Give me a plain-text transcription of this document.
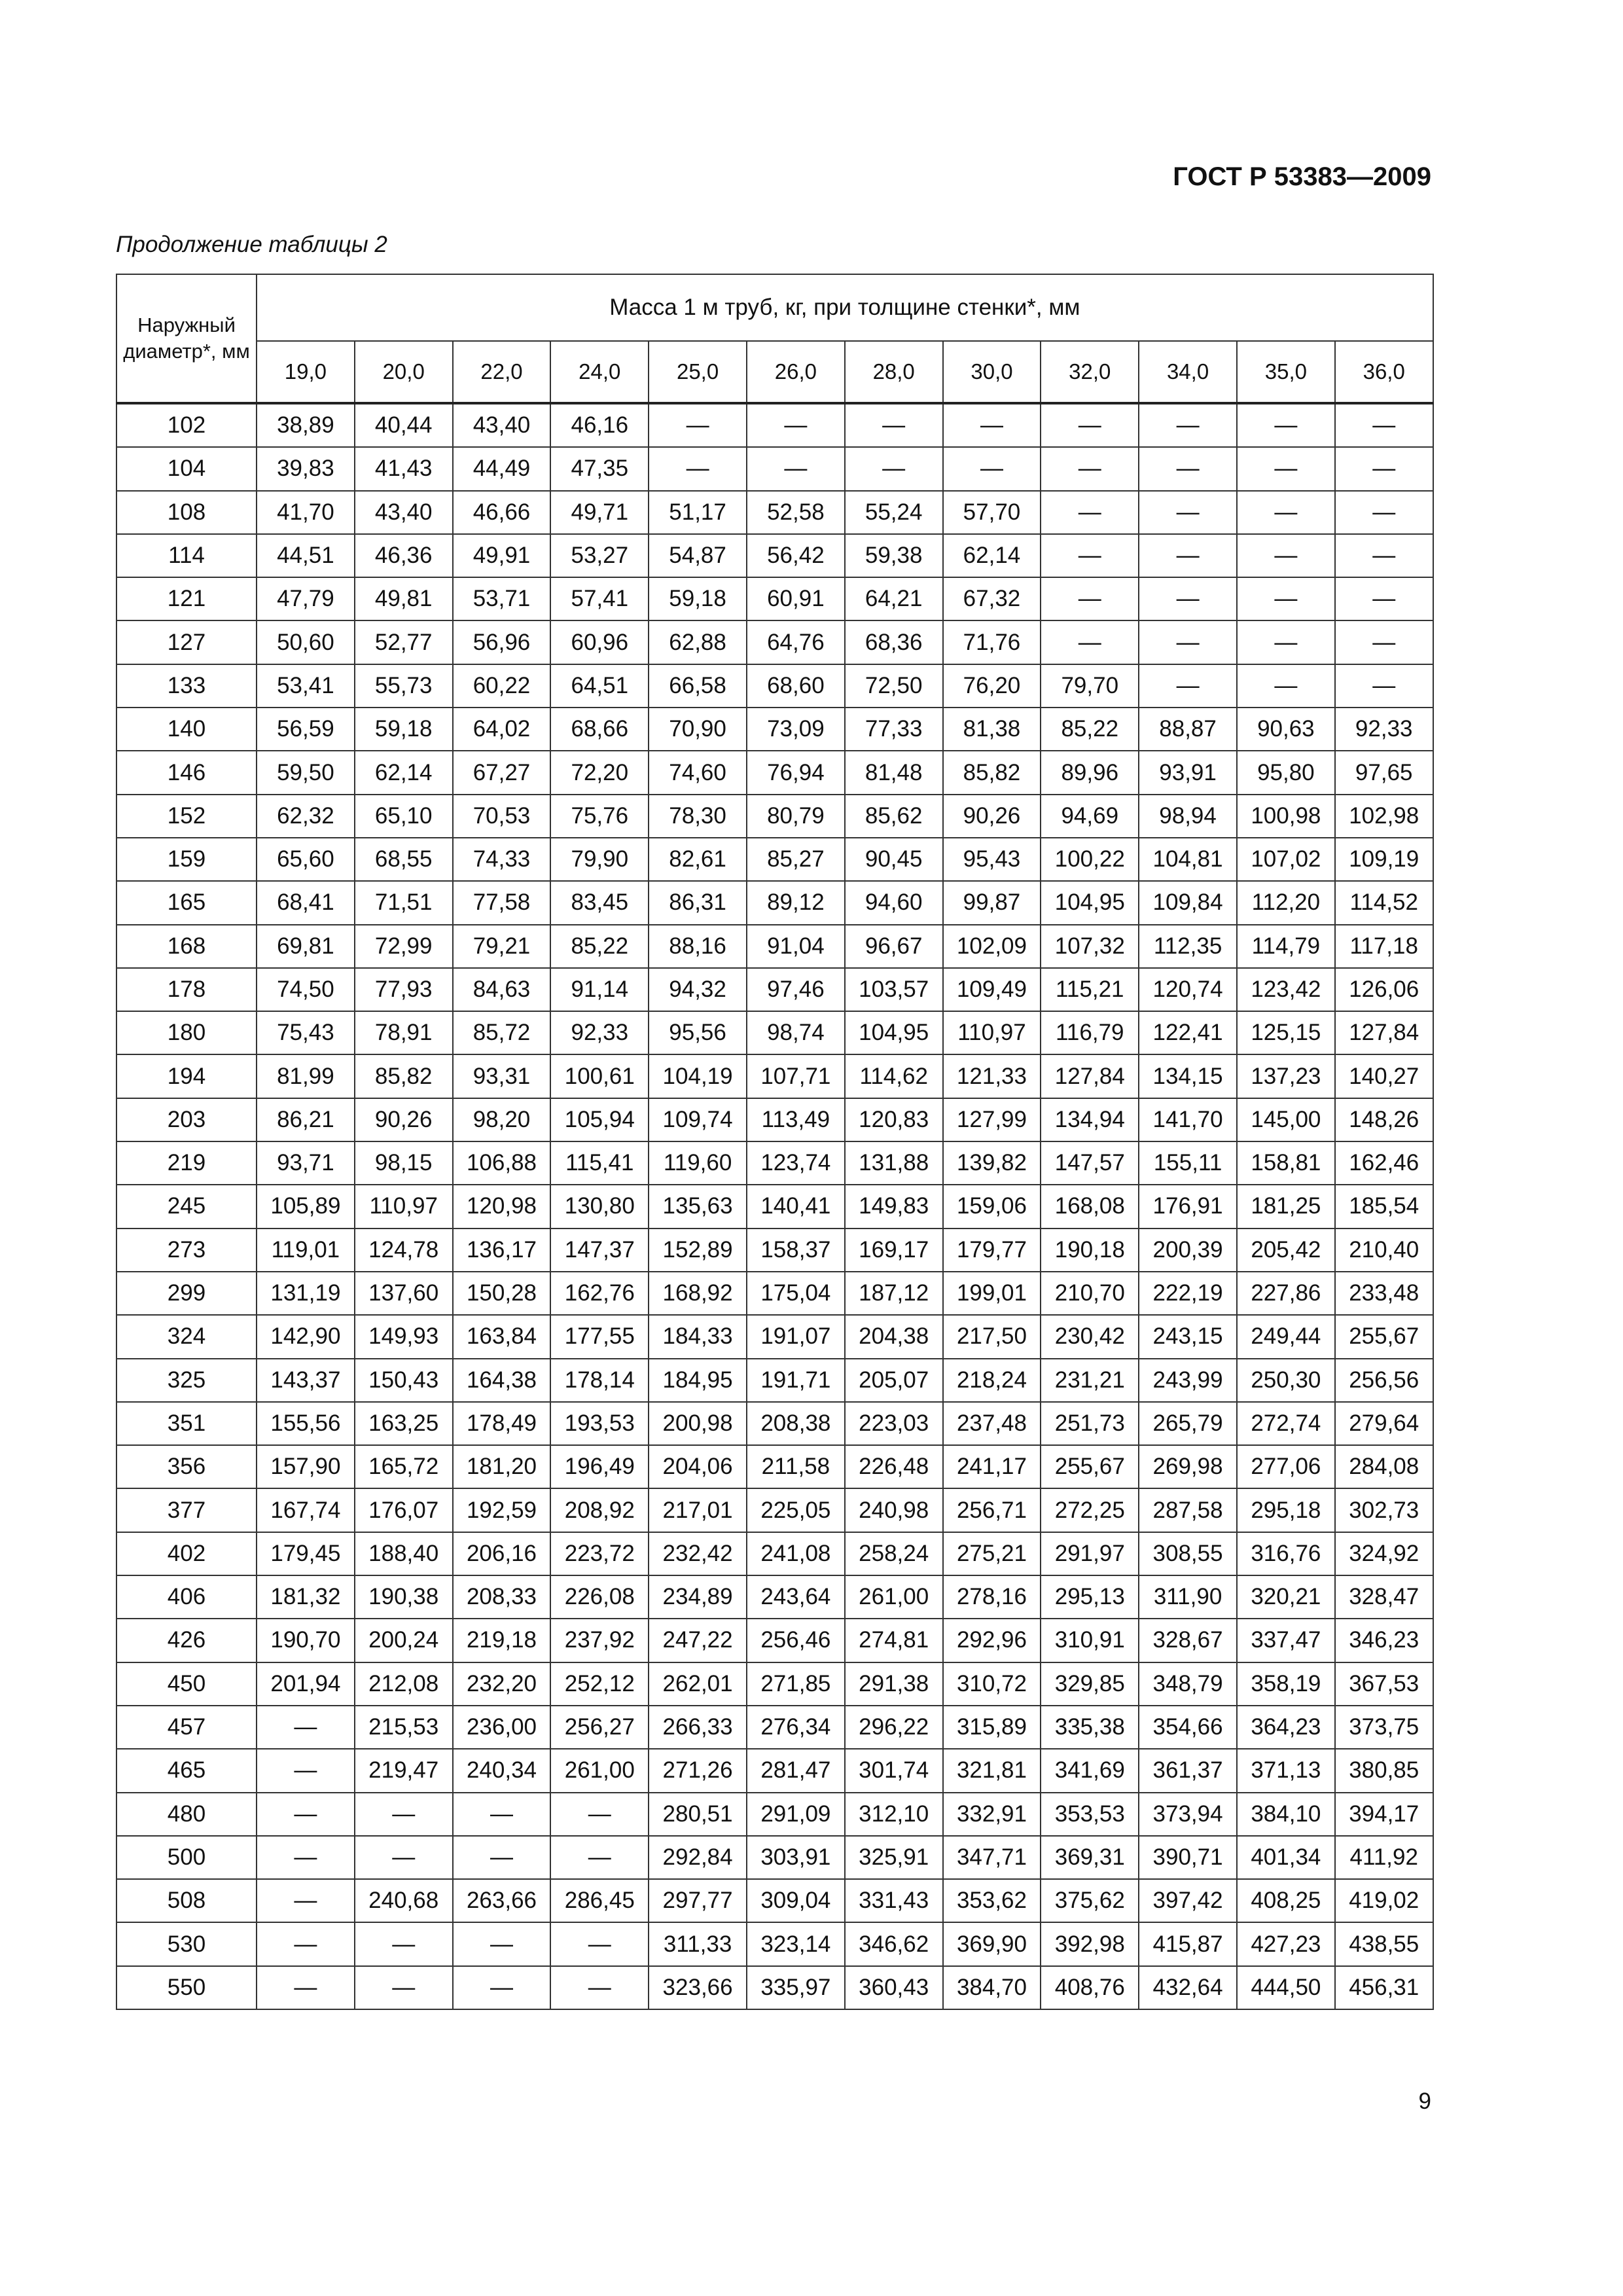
ГОСТ Р 53383—2009
Продолжение таблицы 2
Наружный диаметр*, мм	Масса 1 м труб, кг, при толщине стенки*, мм											
	19,0	20,0	22,0	24,0	25,0	26,0	28,0	30,0	32,0	34,0	35,0	36,0
102	38,89	40,44	43,40	46,16	—	—	—	—	—	—	—	—
104	39,83	41,43	44,49	47,35	—	—	—	—	—	—	—	—
108	41,70	43,40	46,66	49,71	51,17	52,58	55,24	57,70	—	—	—	—
114	44,51	46,36	49,91	53,27	54,87	56,42	59,38	62,14	—	—	—	—
121	47,79	49,81	53,71	57,41	59,18	60,91	64,21	67,32	—	—	—	—
127	50,60	52,77	56,96	60,96	62,88	64,76	68,36	71,76	—	—	—	—
133	53,41	55,73	60,22	64,51	66,58	68,60	72,50	76,20	79,70	—	—	—
140	56,59	59,18	64,02	68,66	70,90	73,09	77,33	81,38	85,22	88,87	90,63	92,33
146	59,50	62,14	67,27	72,20	74,60	76,94	81,48	85,82	89,96	93,91	95,80	97,65
152	62,32	65,10	70,53	75,76	78,30	80,79	85,62	90,26	94,69	98,94	100,98	102,98
159	65,60	68,55	74,33	79,90	82,61	85,27	90,45	95,43	100,22	104,81	107,02	109,19
165	68,41	71,51	77,58	83,45	86,31	89,12	94,60	99,87	104,95	109,84	112,20	114,52
168	69,81	72,99	79,21	85,22	88,16	91,04	96,67	102,09	107,32	112,35	114,79	117,18
178	74,50	77,93	84,63	91,14	94,32	97,46	103,57	109,49	115,21	120,74	123,42	126,06
180	75,43	78,91	85,72	92,33	95,56	98,74	104,95	110,97	116,79	122,41	125,15	127,84
194	81,99	85,82	93,31	100,61	104,19	107,71	114,62	121,33	127,84	134,15	137,23	140,27
203	86,21	90,26	98,20	105,94	109,74	113,49	120,83	127,99	134,94	141,70	145,00	148,26
219	93,71	98,15	106,88	115,41	119,60	123,74	131,88	139,82	147,57	155,11	158,81	162,46
245	105,89	110,97	120,98	130,80	135,63	140,41	149,83	159,06	168,08	176,91	181,25	185,54
273	119,01	124,78	136,17	147,37	152,89	158,37	169,17	179,77	190,18	200,39	205,42	210,40
299	131,19	137,60	150,28	162,76	168,92	175,04	187,12	199,01	210,70	222,19	227,86	233,48
324	142,90	149,93	163,84	177,55	184,33	191,07	204,38	217,50	230,42	243,15	249,44	255,67
325	143,37	150,43	164,38	178,14	184,95	191,71	205,07	218,24	231,21	243,99	250,30	256,56
351	155,56	163,25	178,49	193,53	200,98	208,38	223,03	237,48	251,73	265,79	272,74	279,64
356	157,90	165,72	181,20	196,49	204,06	211,58	226,48	241,17	255,67	269,98	277,06	284,08
377	167,74	176,07	192,59	208,92	217,01	225,05	240,98	256,71	272,25	287,58	295,18	302,73
402	179,45	188,40	206,16	223,72	232,42	241,08	258,24	275,21	291,97	308,55	316,76	324,92
406	181,32	190,38	208,33	226,08	234,89	243,64	261,00	278,16	295,13	311,90	320,21	328,47
426	190,70	200,24	219,18	237,92	247,22	256,46	274,81	292,96	310,91	328,67	337,47	346,23
450	201,94	212,08	232,20	252,12	262,01	271,85	291,38	310,72	329,85	348,79	358,19	367,53
457	—	215,53	236,00	256,27	266,33	276,34	296,22	315,89	335,38	354,66	364,23	373,75
465	—	219,47	240,34	261,00	271,26	281,47	301,74	321,81	341,69	361,37	371,13	380,85
480	—	—	—	—	280,51	291,09	312,10	332,91	353,53	373,94	384,10	394,17
500	—	—	—	—	292,84	303,91	325,91	347,71	369,31	390,71	401,34	411,92
508	—	240,68	263,66	286,45	297,77	309,04	331,43	353,62	375,62	397,42	408,25	419,02
530	—	—	—	—	311,33	323,14	346,62	369,90	392,98	415,87	427,23	438,55
550	—	—	—	—	323,66	335,97	360,43	384,70	408,76	432,64	444,50	456,31
9
